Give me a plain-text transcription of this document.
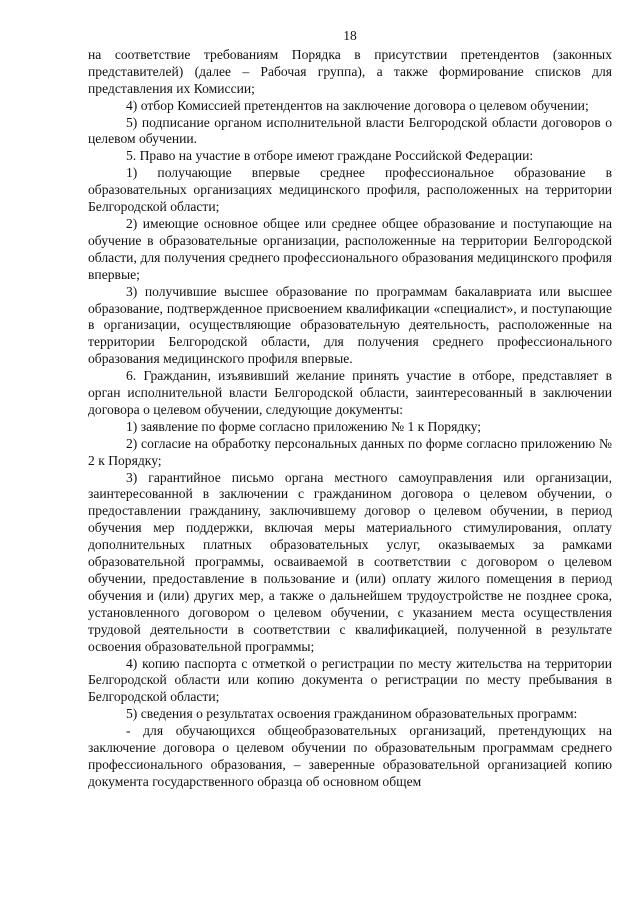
18

на соответствие требованиям Порядка в присутствии претендентов (законных представителей) (далее – Рабочая группа), а также формирование списков для представления их Комиссии;

4) отбор Комиссией претендентов на заключение договора о целевом обучении;

5) подписание органом исполнительной власти Белгородской области договоров о целевом обучении.

5. Право на участие в отборе имеют граждане Российской Федерации:

1) получающие впервые среднее профессиональное образование в образовательных организациях медицинского профиля, расположенных на территории Белгородской области;

2) имеющие основное общее или среднее общее образование и поступающие на обучение в образовательные организации, расположенные на территории Белгородской области, для получения среднего профессионального образования медицинского профиля впервые;

3) получившие высшее образование по программам бакалавриата или высшее образование, подтвержденное присвоением квалификации «специалист», и поступающие в организации, осуществляющие образовательную деятельность, расположенные на территории Белгородской области, для получения среднего профессионального образования медицинского профиля впервые.

6. Гражданин, изъявивший желание принять участие в отборе, представляет в орган исполнительной власти Белгородской области, заинтересованный в заключении договора о целевом обучении, следующие документы:

1) заявление по форме согласно приложению № 1 к Порядку;

2) согласие на обработку персональных данных по форме согласно приложению № 2 к Порядку;

3) гарантийное письмо органа местного самоуправления или организации, заинтересованной в заключении с гражданином договора о целевом обучении, о предоставлении гражданину, заключившему договор о целевом обучении, в период обучения мер поддержки, включая меры материального стимулирования, оплату дополнительных платных образовательных услуг, оказываемых за рамками образовательной программы, осваиваемой в соответствии с договором о целевом обучении, предоставление в пользование и (или) оплату жилого помещения в период обучения и (или) других мер, а также о дальнейшем трудоустройстве не позднее срока, установленного договором о целевом обучении, с указанием места осуществления трудовой деятельности в соответствии с квалификацией, полученной в результате освоения образовательной программы;

4) копию паспорта с отметкой о регистрации по месту жительства на территории Белгородской области или копию документа о регистрации по месту пребывания в Белгородской области;

5) сведения о результатах освоения гражданином образовательных программ:

- для обучающихся общеобразовательных организаций, претендующих на заключение договора о целевом обучении по образовательным программам среднего профессионального образования, – заверенные образовательной организацией копию документа государственного образца об основном общем
